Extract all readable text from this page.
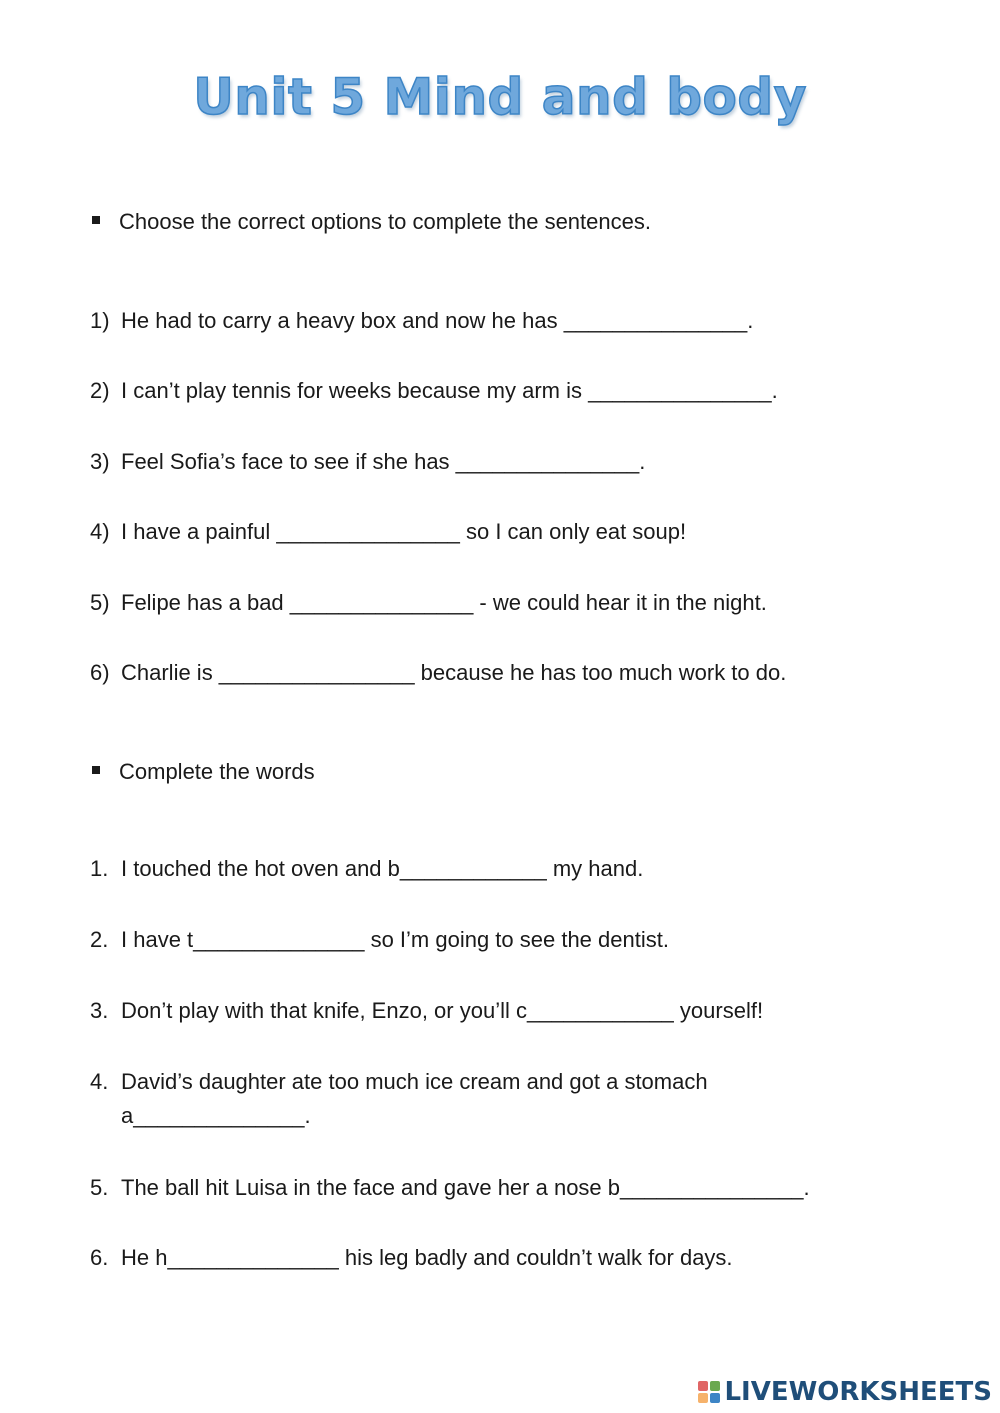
Unit 5 Mind and body
Choose the correct options to complete the sentences.
1) He had to carry a heavy box and now he has _______________.
2) I can’t play tennis for weeks because my arm is _______________.
3) Feel Sofia’s face to see if she has _______________.
4) I have a painful _______________ so I can only eat soup!
5) Felipe has a bad _______________ - we could hear it in the night.
6) Charlie is ________________ because he has too much work to do.
Complete the words
1. I touched the hot oven and b____________ my hand.
2. I have t______________ so I’m going to see the dentist.
3. Don’t play with that knife, Enzo, or you’ll c____________ yourself!
4. David’s daughter ate too much ice cream and got a stomach a______________.
5. The ball hit Luisa in the face and gave her a nose b_______________.
6. He h______________ his leg badly and couldn’t walk for days.
LIVEWORKSHEETS
